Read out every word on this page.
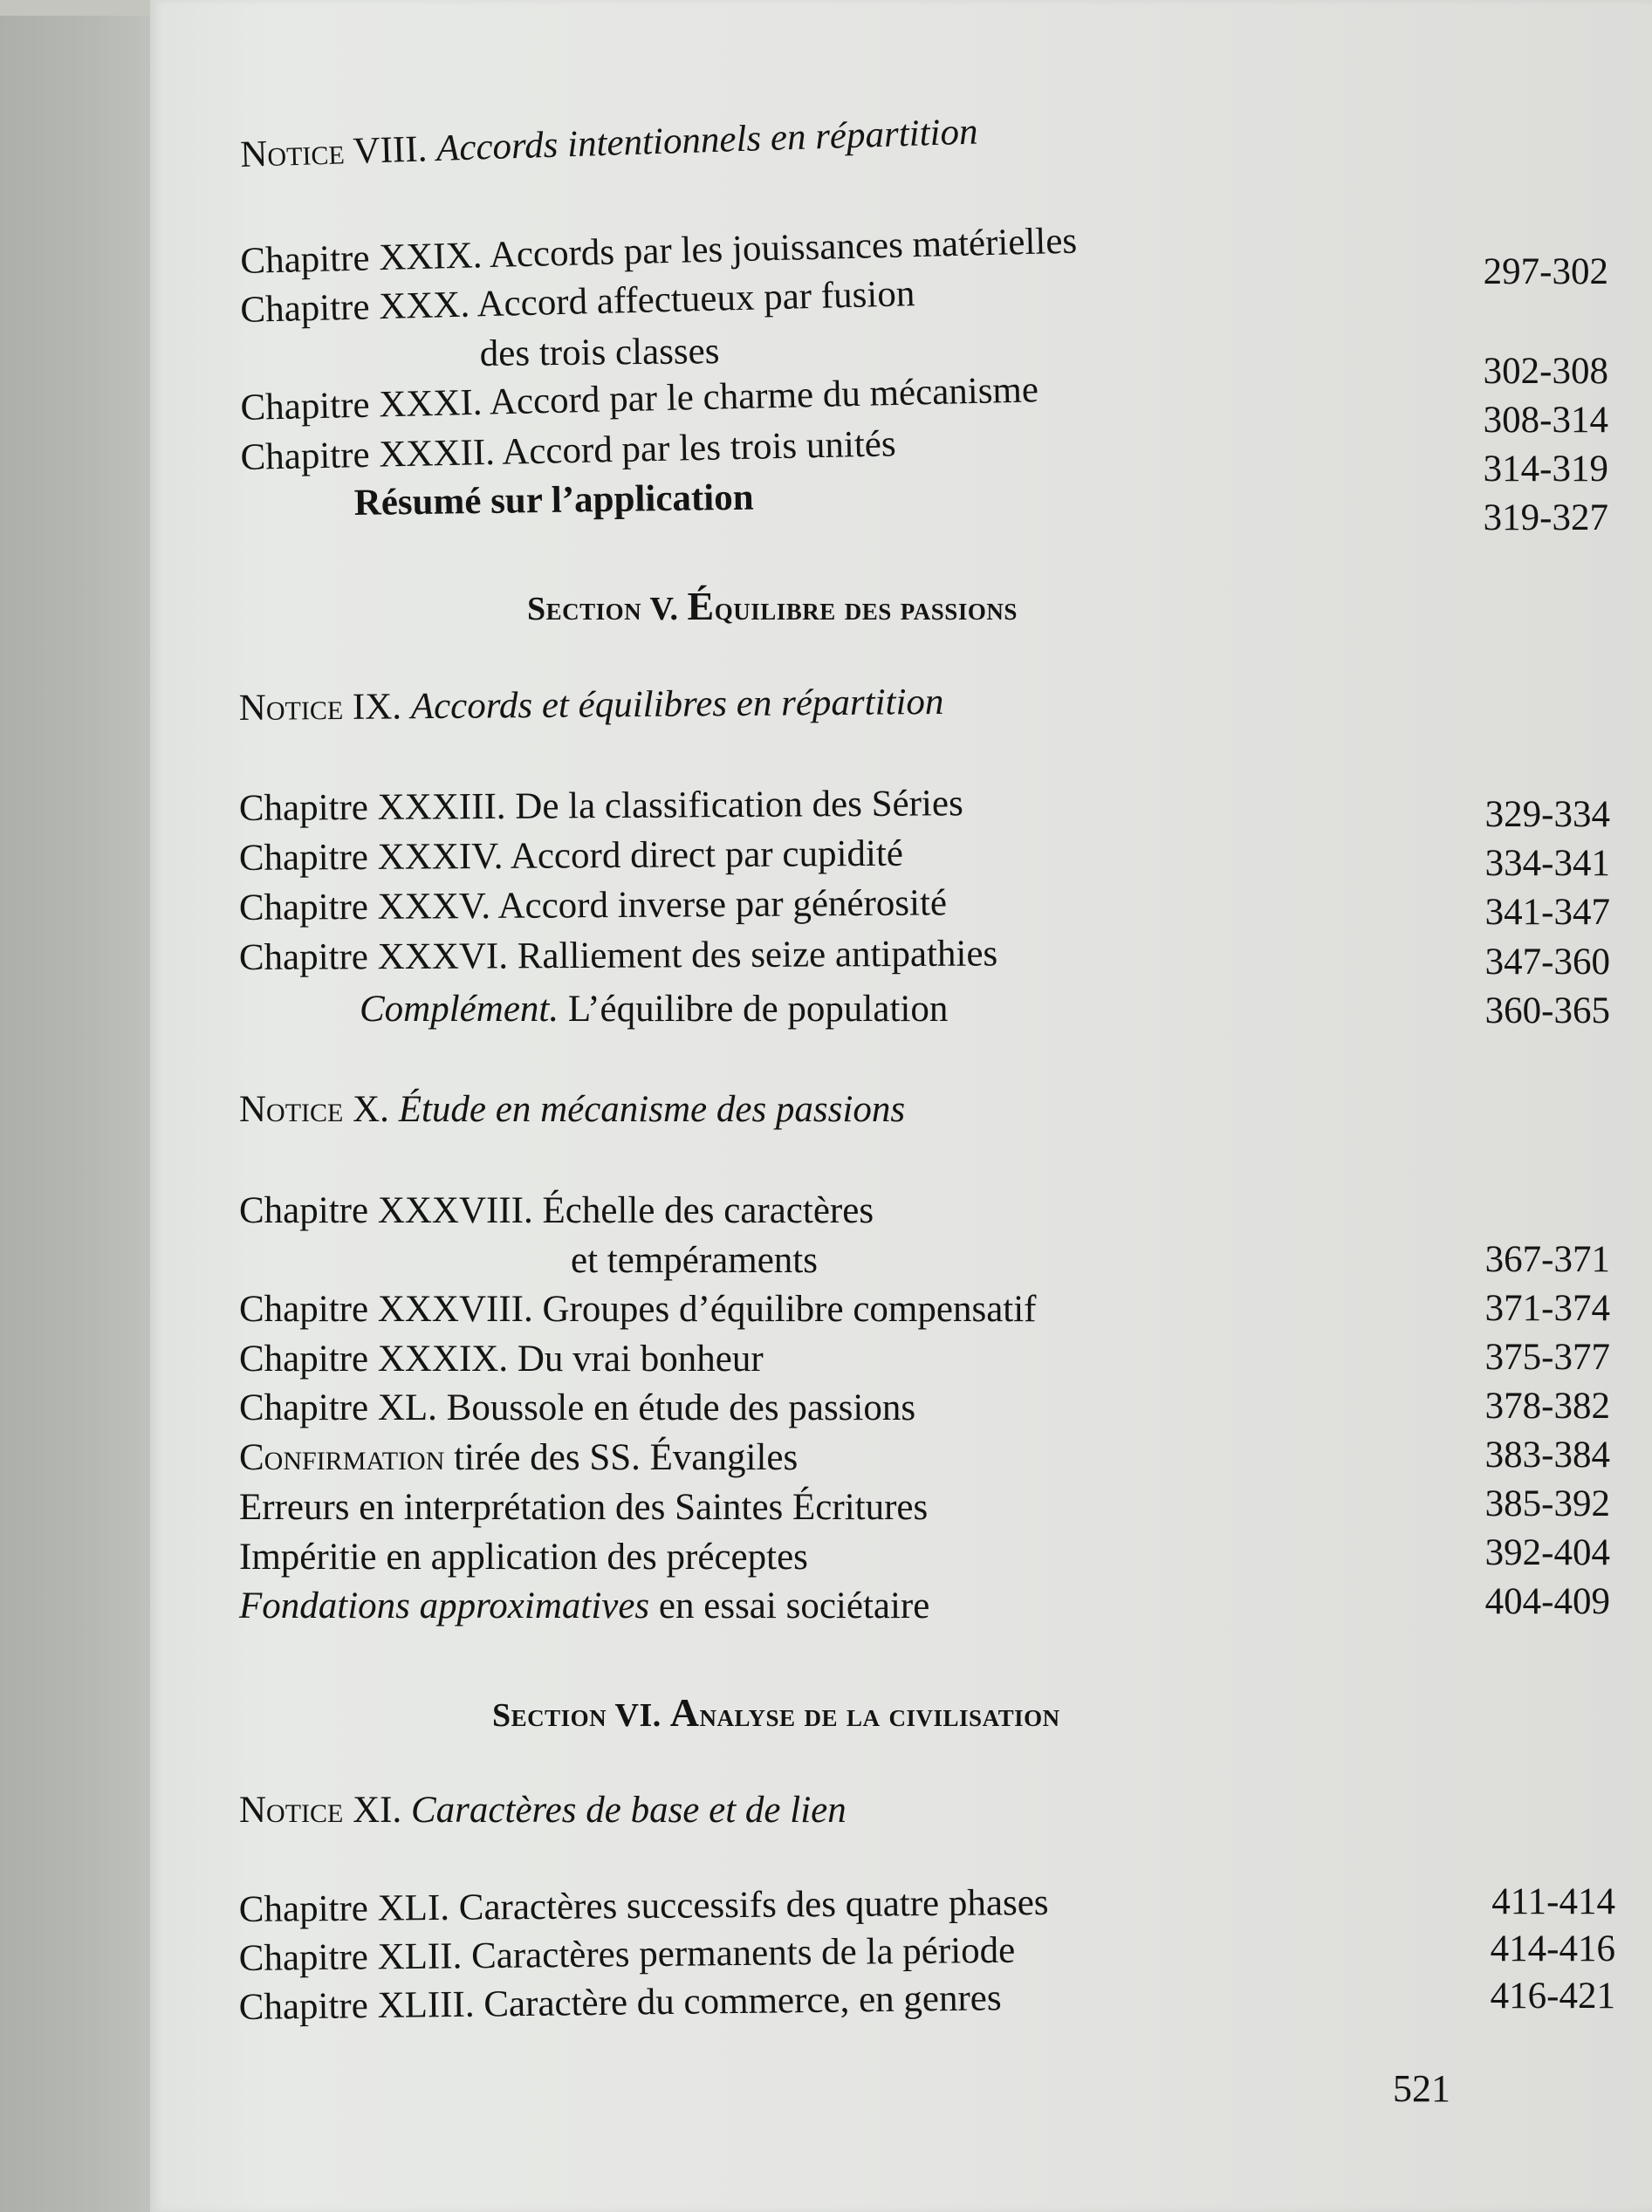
Notice VIII. Accords intentionnels en répartition
Chapitre XXIX. Accords par les jouissances matérielles	297-302
Chapitre XXX. Accord affectueux par fusion
des trois classes	302-308
Chapitre XXXI. Accord par le charme du mécanisme	308-314
Chapitre XXXII. Accord par les trois unités	314-319
Résumé sur l’application	319-327
Section V. Équilibre des passions
Notice IX. Accords et équilibres en répartition
Chapitre XXXIII. De la classification des Séries	329-334
Chapitre XXXIV. Accord direct par cupidité	334-341
Chapitre XXXV. Accord inverse par générosité	341-347
Chapitre XXXVI. Ralliement des seize antipathies	347-360
Complément. L’équilibre de population	360-365
Notice X. Étude en mécanisme des passions
Chapitre XXXVIII. Échelle des caractères
et tempéraments	367-371
Chapitre XXXVIII. Groupes d’équilibre compensatif	371-374
Chapitre XXXIX. Du vrai bonheur	375-377
Chapitre XL. Boussole en étude des passions	378-382
Confirmation tirée des SS. Évangiles	383-384
Erreurs en interprétation des Saintes Écritures	385-392
Impéritie en application des préceptes	392-404
Fondations approximatives en essai sociétaire	404-409
Section VI. Analyse de la civilisation
Notice XI. Caractères de base et de lien
Chapitre XLI. Caractères successifs des quatre phases	411-414
Chapitre XLII. Caractères permanents de la période	414-416
Chapitre XLIII. Caractère du commerce, en genres	416-421
521
